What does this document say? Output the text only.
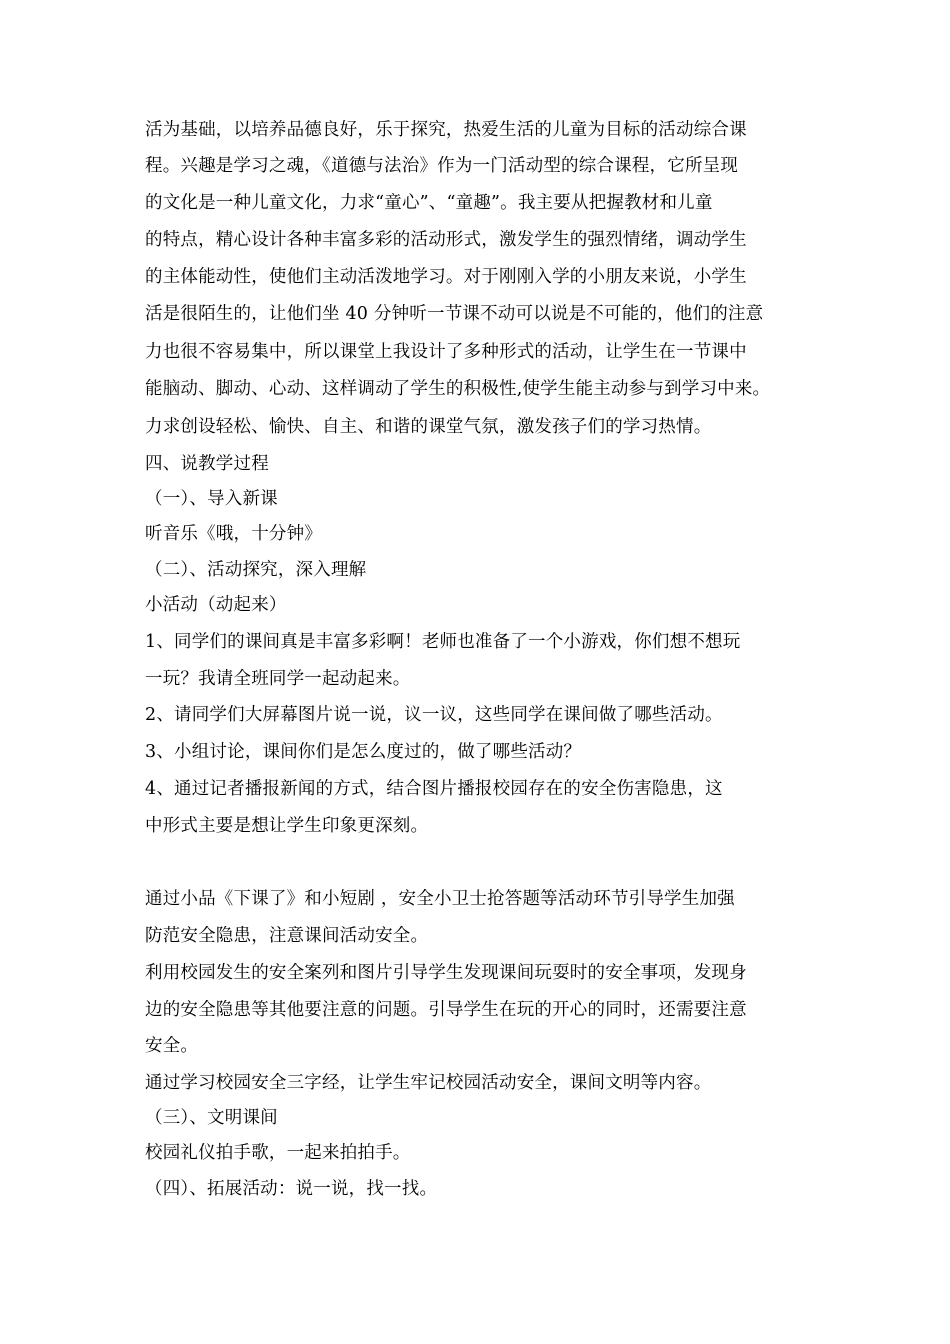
活为基础，以培养品德良好，乐于探究，热爱生活的儿童为目标的活动综合课
程。兴趣是学习之魂，《道德与法治》作为一门活动型的综合课程，它所呈现
的文化是一种儿童文化，力求“童心”、“童趣”。我主要从把握教材和儿童
的特点，精心设计各种丰富多彩的活动形式，激发学生的强烈情绪，调动学生
的主体能动性，使他们主动活泼地学习。对于刚刚入学的小朋友来说，小学生
活是很陌生的，让他们坐 40 分钟听一节课不动可以说是不可能的，他们的注意
力也很不容易集中，所以课堂上我设计了多种形式的活动，让学生在一节课中
能脑动、脚动、心动、这样调动了学生的积极性,使学生能主动参与到学习中来。
力求创设轻松、愉快、自主、和谐的课堂气氛，激发孩子们的学习热情。
四、说教学过程
（一）、导入新课
听音乐《哦，十分钟》
（二）、活动探究，深入理解
小活动（动起来）
1、同学们的课间真是丰富多彩啊！老师也准备了一个小游戏，你们想不想玩
一玩？我请全班同学一起动起来。
2、请同学们大屏幕图片说一说，议一议，这些同学在课间做了哪些活动。
3、小组讨论，课间你们是怎么度过的，做了哪些活动？
4、通过记者播报新闻的方式，结合图片播报校园存在的安全伤害隐患，这
中形式主要是想让学生印象更深刻。
通过小品《下课了》和小短剧 ，安全小卫士抢答题等活动环节引导学生加强
防范安全隐患，注意课间活动安全。
利用校园发生的安全案列和图片引导学生发现课间玩耍时的安全事项，发现身
边的安全隐患等其他要注意的问题。引导学生在玩的开心的同时，还需要注意
安全。
通过学习校园安全三字经，让学生牢记校园活动安全，课间文明等内容。
（三）、文明课间
校园礼仪拍手歌，一起来拍拍手。
（四）、拓展活动：说一说，找一找。
